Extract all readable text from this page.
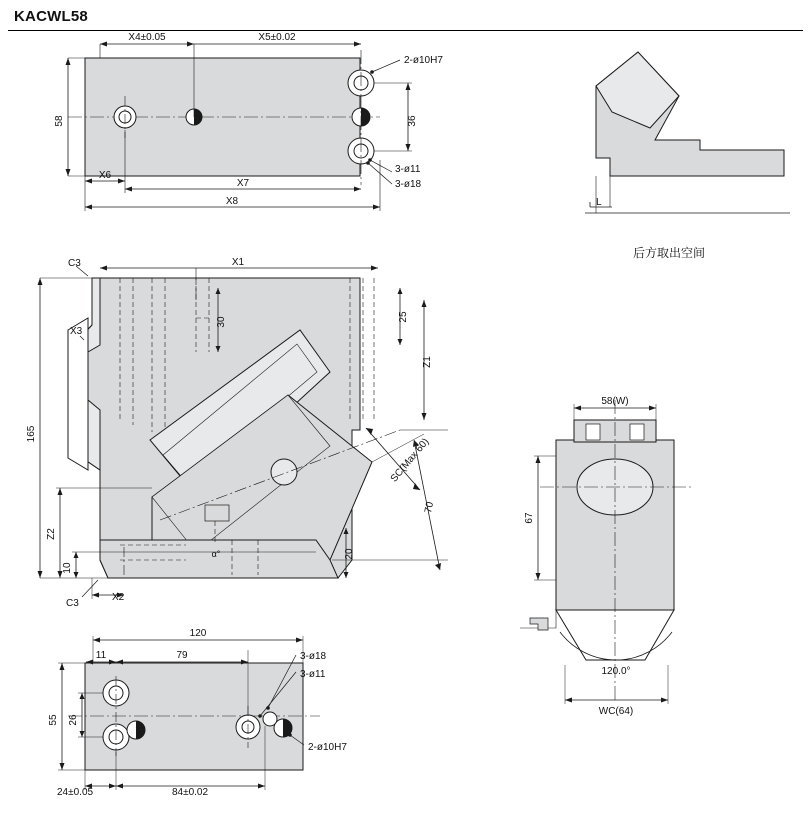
KACWL58
后方取出空间
X4±0.05	X5±0.02
58	36
2-ø10H7
3-ø11
3-ø18
X6
X7
X8	L
C3	X1
X3
165
Z2
10
C3
X2
30	25
Z1
20
70
SC(Max 60)
α°
58(W)
67
120.0°
WC(64)
120
11	79	3-ø18
3-ø11
2-ø10H7
55 26
24±0.05	84±0.02
